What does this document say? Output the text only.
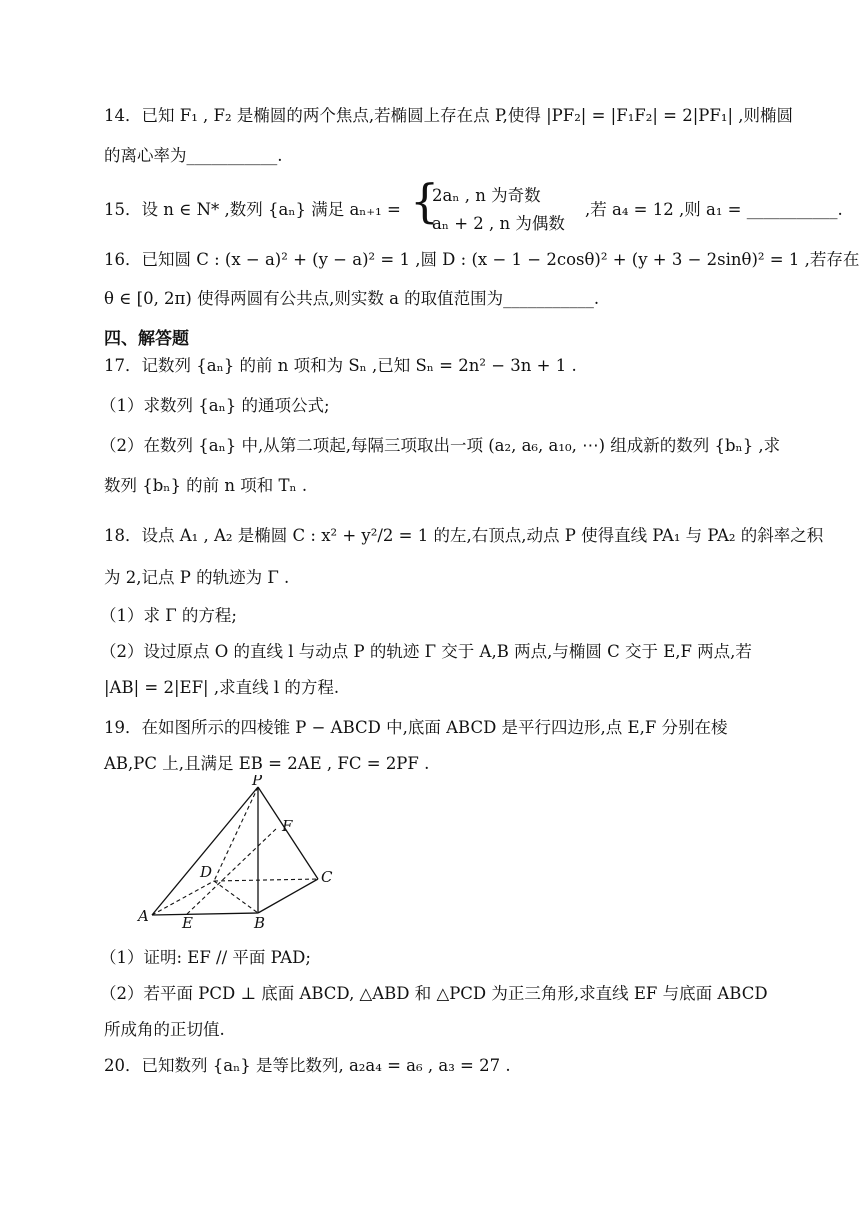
14．已知 F₁ , F₂ 是椭圆的两个焦点,若椭圆上存在点 P,使得 |PF₂| = |F₁F₂| = 2|PF₁| ,则椭圆
的离心率为___________.
15．设 n ∈ N* ,数列 {aₙ} 满足 aₙ₊₁ = {
2aₙ , n 为奇数
aₙ + 2 , n 为偶数
,若 a₄ = 12 ,则 a₁ = ___________.
16．已知圆 C : (x − a)² + (y − a)² = 1 ,圆 D : (x − 1 − 2cosθ)² + (y + 3 − 2sinθ)² = 1 ,若存在
θ ∈ [0, 2π) 使得两圆有公共点,则实数 a 的取值范围为___________.
四、解答题
17．记数列 {aₙ} 的前 n 项和为 Sₙ ,已知 Sₙ = 2n² − 3n + 1 .
（1）求数列 {aₙ} 的通项公式;
（2）在数列 {aₙ} 中,从第二项起,每隔三项取出一项 (a₂, a₆, a₁₀, ⋯) 组成新的数列 {bₙ} ,求
数列 {bₙ} 的前 n 项和 Tₙ .
18．设点 A₁ , A₂ 是椭圆 C : x² + y²/2 = 1 的左,右顶点,动点 P 使得直线 PA₁ 与 PA₂ 的斜率之积
为 2,记点 P 的轨迹为 Γ .
（1）求 Γ 的方程;
（2）设过原点 O 的直线 l 与动点 P 的轨迹 Γ 交于 A,B 两点,与椭圆 C 交于 E,F 两点,若
|AB| = 2|EF| ,求直线 l 的方程.
19．在如图所示的四棱锥 P − ABCD 中,底面 ABCD 是平行四边形,点 E,F 分别在棱
AB,PC 上,且满足 EB = 2AE , FC = 2PF .
P
F
D	C
A E	B
（1）证明: EF // 平面 PAD;
（2）若平面 PCD ⊥ 底面 ABCD, △ABD 和 △PCD 为正三角形,求直线 EF 与底面 ABCD
所成角的正切值.
20．已知数列 {aₙ} 是等比数列, a₂a₄ = a₆ , a₃ = 27 .
